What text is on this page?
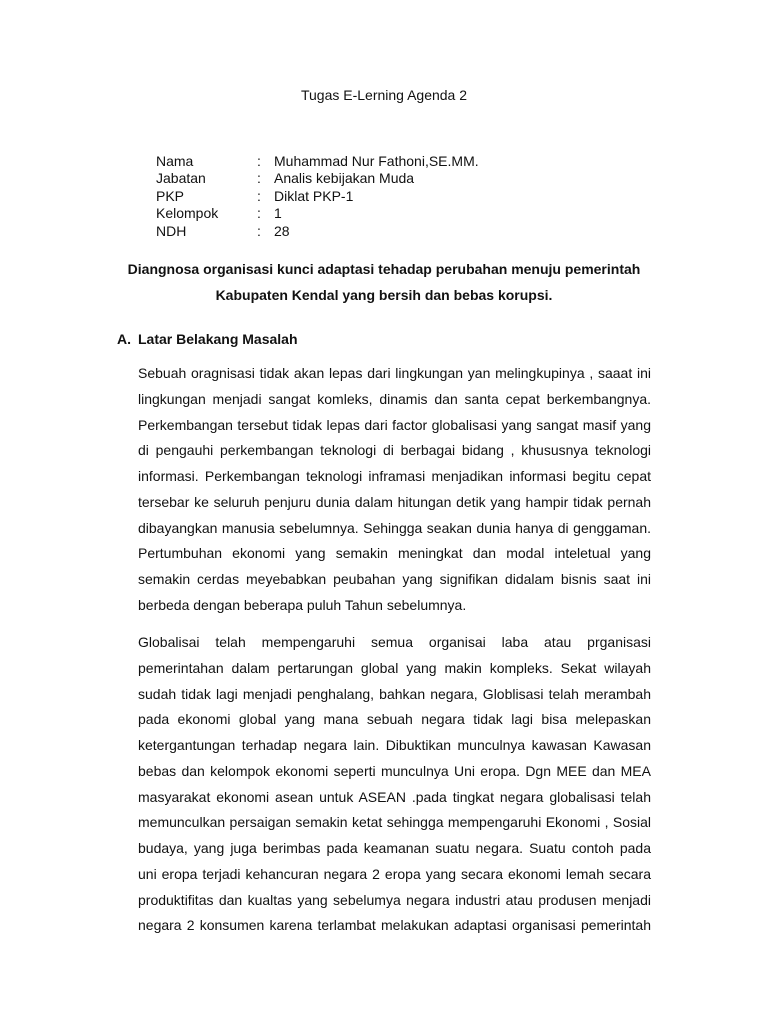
Tugas E-Lerning Agenda 2
Nama	: Muhammad Nur Fathoni,SE.MM.
Jabatan	: Analis kebijakan Muda
PKP	: Diklat PKP-1
Kelompok	: 1
NDH	: 28
Diangnosa organisasi kunci adaptasi tehadap perubahan menuju pemerintah
Kabupaten Kendal yang bersih dan bebas korupsi.
A. Latar Belakang Masalah
Sebuah oragnisasi tidak akan lepas dari lingkungan yan melingkupinya , saaat ini
lingkungan menjadi sangat komleks, dinamis dan santa cepat berkembangnya.
Perkembangan tersebut tidak lepas dari factor globalisasi yang sangat masif yang
di pengauhi perkembangan teknologi di berbagai bidang , khususnya teknologi
informasi. Perkembangan teknologi inframasi menjadikan informasi begitu cepat
tersebar ke seluruh penjuru dunia dalam hitungan detik yang hampir tidak pernah
dibayangkan manusia sebelumnya. Sehingga seakan dunia hanya di genggaman.
Pertumbuhan ekonomi yang semakin meningkat dan modal inteletual yang
semakin cerdas meyebabkan peubahan yang signifikan didalam bisnis saat ini
berbeda dengan beberapa puluh Tahun sebelumnya.
Globalisai telah mempengaruhi semua organisai laba atau prganisasi
pemerintahan dalam pertarungan global yang makin kompleks. Sekat wilayah
sudah tidak lagi menjadi penghalang, bahkan negara, Globlisasi telah merambah
pada ekonomi global yang mana sebuah negara tidak lagi bisa melepaskan
ketergantungan terhadap negara lain. Dibuktikan munculnya kawasan Kawasan
bebas dan kelompok ekonomi seperti munculnya Uni eropa. Dgn MEE dan MEA
masyarakat ekonomi asean untuk ASEAN .pada tingkat negara globalisasi telah
memunculkan persaigan semakin ketat sehingga mempengaruhi Ekonomi , Sosial
budaya, yang juga berimbas pada keamanan suatu negara. Suatu contoh pada
uni eropa terjadi kehancuran negara 2 eropa yang secara ekonomi lemah secara
produktifitas dan kualtas yang sebelumya negara industri atau produsen menjadi
negara 2 konsumen karena terlambat melakukan adaptasi organisasi pemerintah
